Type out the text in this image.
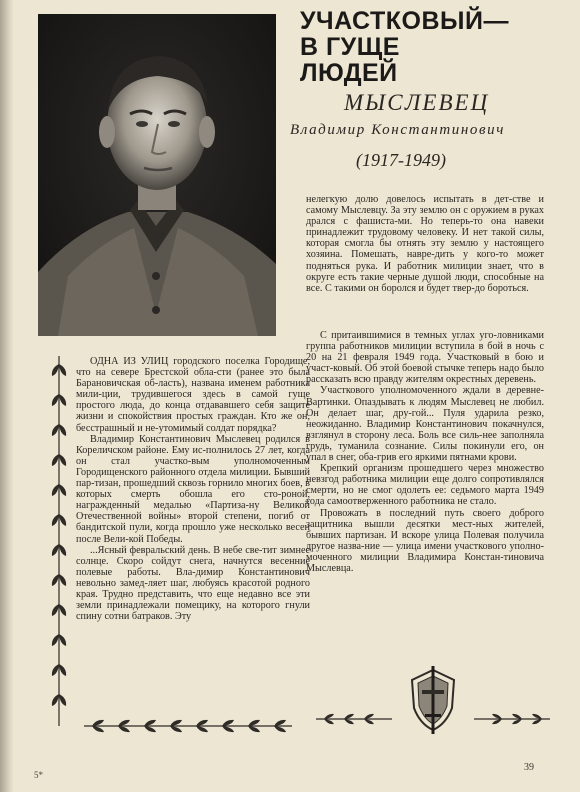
УЧАСТКОВЫЙ—
В ГУЩЕ
ЛЮДЕЙ
МЫСЛЕВЕЦ
Владимир Константинович
(1917-1949)

нелегкую долю довелось испытать в дет-стве и самому Мыслевцу. За эту землю он с оружием в руках дрался с фашиста-ми. Но теперь-то она навеки принадлежит трудовому человеку. И нет такой силы, которая смогла бы отнять эту землю у настоящего хозяина. Помешать, навре-дить у кого-то может подняться рука. И работник милиции знает, что в округе есть такие черные душой люди, способные на все. С такими он боролся и будет твер-до бороться.

С притаившимися в темных углах уго-ловниками группа работников милиции вступила в бой в ночь с 20 на 21 февраля 1949 года. Участковый в бою и участ-ковый. Об этой боевой стычке теперь надо было рассказать всю правду жителям окрестных деревень.

Участкового уполномоченного ждали в деревне-Вартинки. Опаздывать к людям Мыслевец не любил. Он делает шаг, дру-гой... Пуля ударила резко, неожиданно. Владимир Константинович покачнулся, взглянул в сторону леса. Боль все силь-нее заполняла грудь, туманила сознание. Силы покинули его, он упал в снег, оба-грив его яркими пятнами крови.

Крепкий организм прошедшего через множество невзгод работника милиции еще долго сопротивлялся смерти, но не смог одолеть ее: седьмого марта 1949 года самоотверженного работника не стало.

Провожать в последний путь своего доброго защитника вышли десятки мест-ных жителей, бывших партизан. И вскоре улица Полевая получила другое назва-ние — улица имени участкового уполно-моченного милиции Владимира Констан-тиновича Мыслевца.

ОДНА ИЗ УЛИЦ городского поселка Городище, что на севере Брестской обла-сти (ранее это была Барановичская об-ласть), названа именем работника мили-ции, трудившегося здесь в самой гуще простого люда, до конца отдававшего себя защите жизни и спокойствия простых граждан. Кто же он, бесстрашный и не-утомимый солдат порядка?

Владимир Константинович Мыслевец родился в Кореличском районе. Ему ис-полнилось 27 лет, когда он стал участко-вым уполномоченным Городищенского районного отдела милиции. Бывший пар-тизан, прошедший сквозь горнило многих боев, в которых смерть обошла его сто-роной, награжденный медалью «Партиза-ну Великой Отечественной войны» второй степени, погиб от бандитской пули, когда прошло уже несколько весен после Вели-кой Победы.

...Ясный февральский день. В небе све-тит зимнее солнце. Скоро сойдут снега, начнутся весенние полевые работы. Вла-димир Константинович невольно замед-ляет шаг, любуясь красотой родного края. Трудно представить, что еще недавно все эти земли принадлежали помещику, на которого гнули спину сотни батраков. Эту

5*
39
